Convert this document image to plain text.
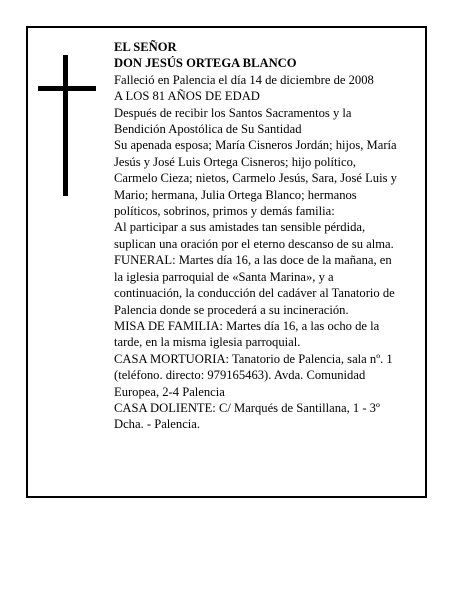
EL SEÑOR
DON JESÚS ORTEGA BLANCO
Falleció en Palencia el día 14 de diciembre de 2008
A LOS 81 AÑOS DE EDAD
Después de recibir los Santos Sacramentos y la
Bendición Apostólica de Su Santidad
Su apenada esposa; María Cisneros Jordán; hijos, María
Jesús y José Luis Ortega Cisneros; hijo político,
Carmelo Cieza; nietos, Carmelo Jesús, Sara, José Luis y
Mario; hermana, Julia Ortega Blanco; hermanos
políticos, sobrinos, primos y demás familia:
Al participar a sus amistades tan sensible pérdida,
suplican una oración por el eterno descanso de su alma.
FUNERAL: Martes día 16, a las doce de la mañana, en
la iglesia parroquial de «Santa Marina», y a
continuación, la conducción del cadáver al Tanatorio de
Palencia donde se procederá a su incineración.
MISA DE FAMILIA: Martes día 16, a las ocho de la
tarde, en la misma iglesia parroquial.
CASA MORTUORIA: Tanatorio de Palencia, sala nº. 1
(teléfono. directo: 979165463). Avda. Comunidad
Europea, 2-4 Palencia
CASA DOLIENTE: C/ Marqués de Santillana, 1 - 3º
Dcha. - Palencia.
